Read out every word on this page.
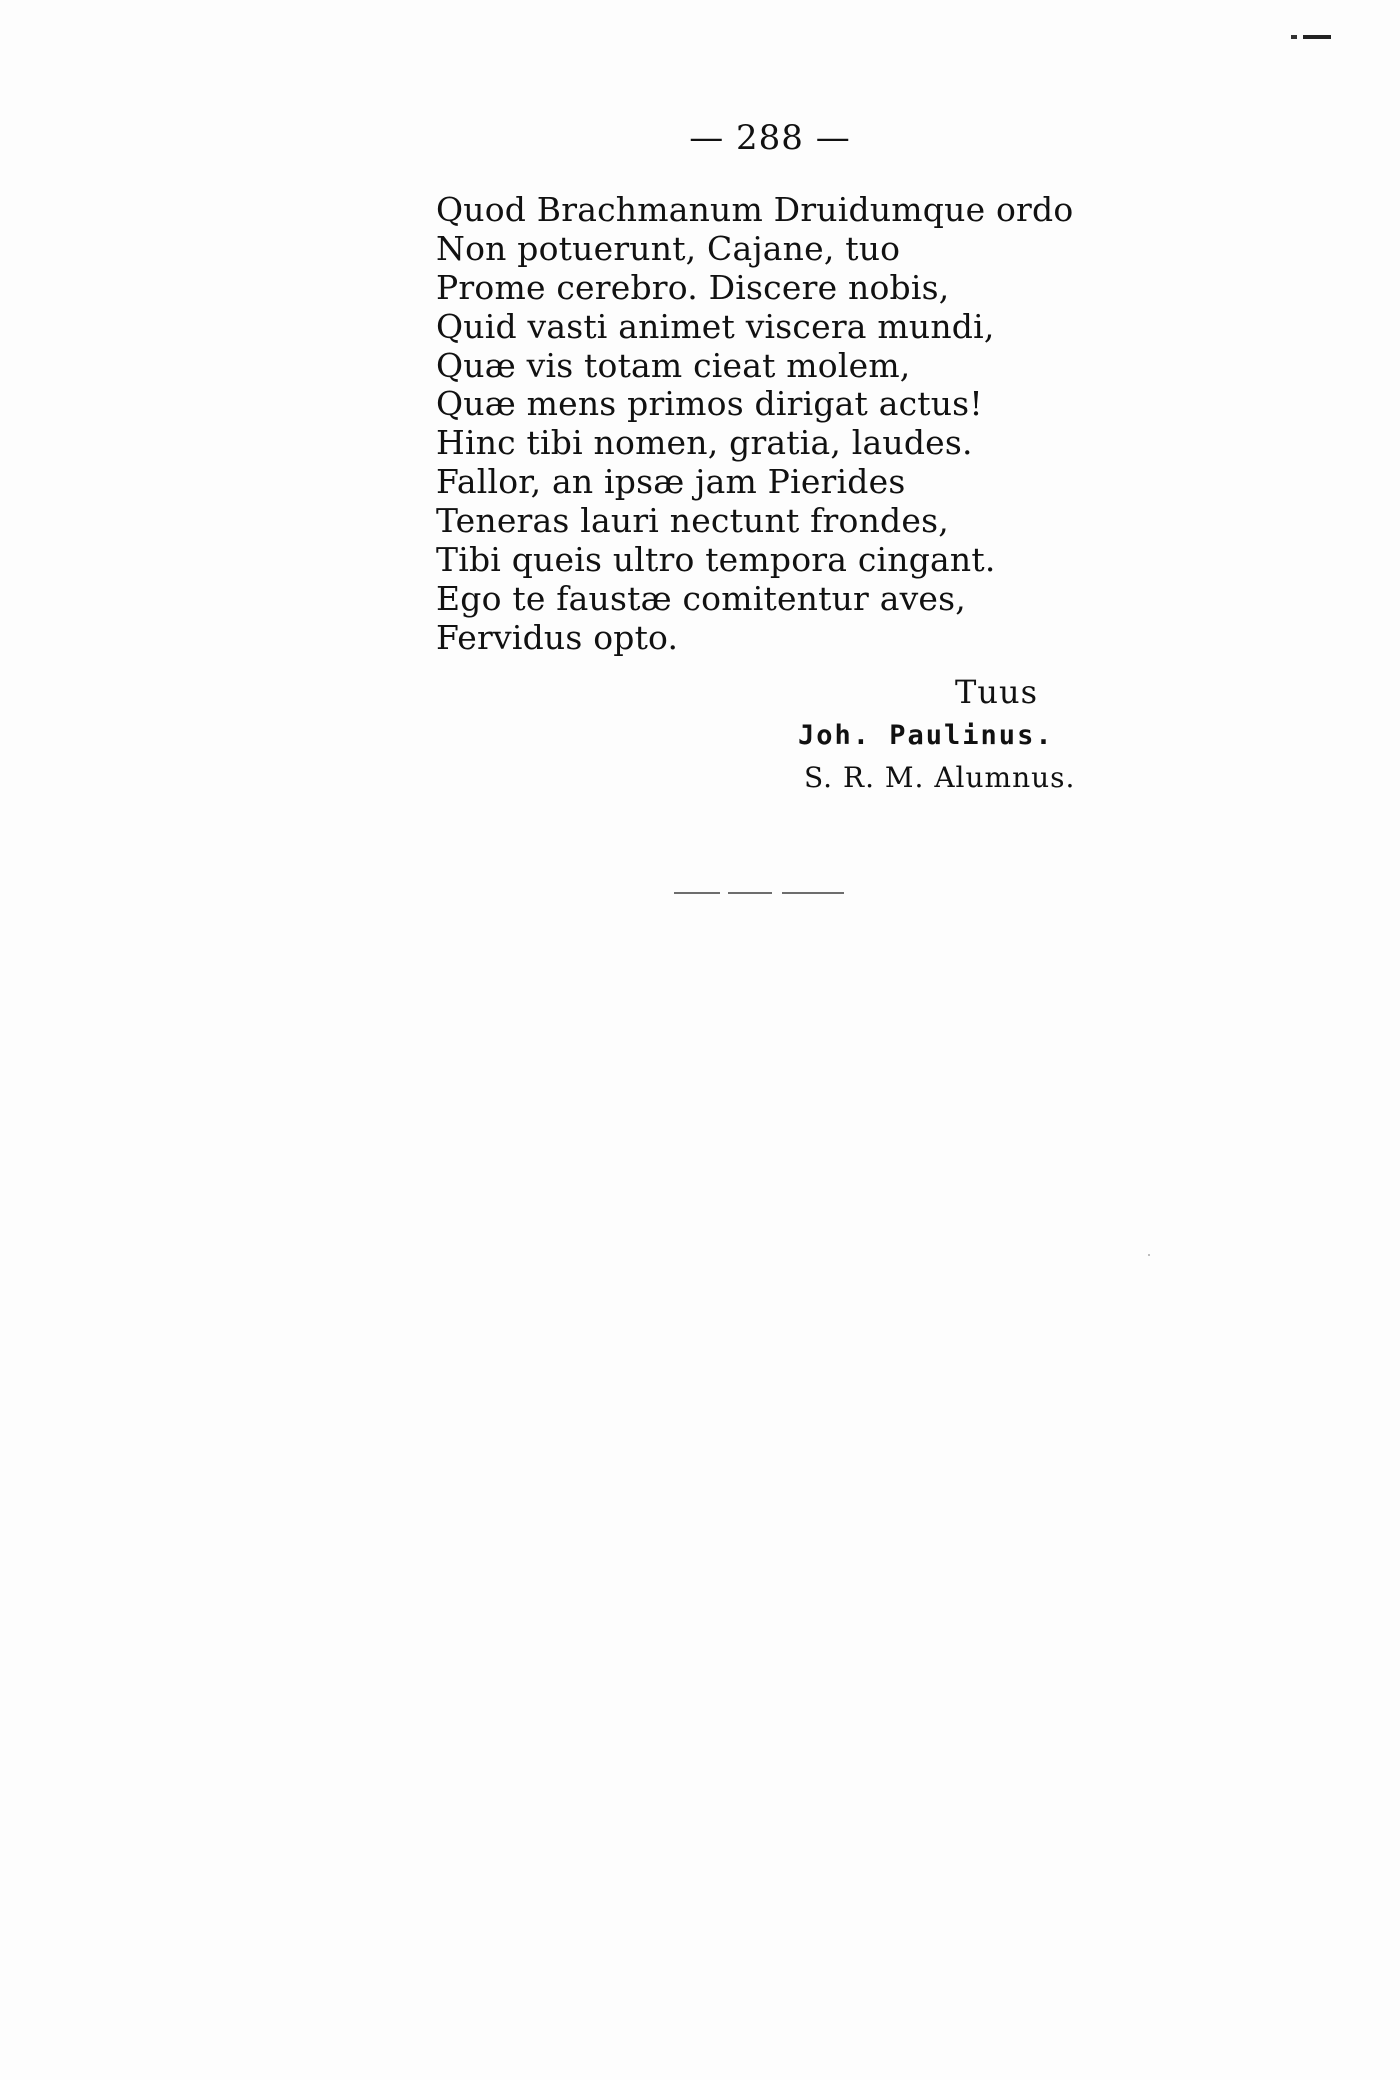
— 288 —
Quod Brachmanum Druidumque ordo
Non potuerunt, Cajane, tuo
Prome cerebro. Discere nobis,
Quid vasti animet viscera mundi,
Quæ vis totam cieat molem,
Quæ mens primos dirigat actus!
Hinc tibi nomen, gratia, laudes.
Fallor, an ipsæ jam Pierides
Teneras lauri nectunt frondes,
Tibi queis ultro tempora cingant.
Ego te faustæ comitentur aves,
Fervidus opto.
Tuus
Joh. Paulinus.
S. R. M. Alumnus.
